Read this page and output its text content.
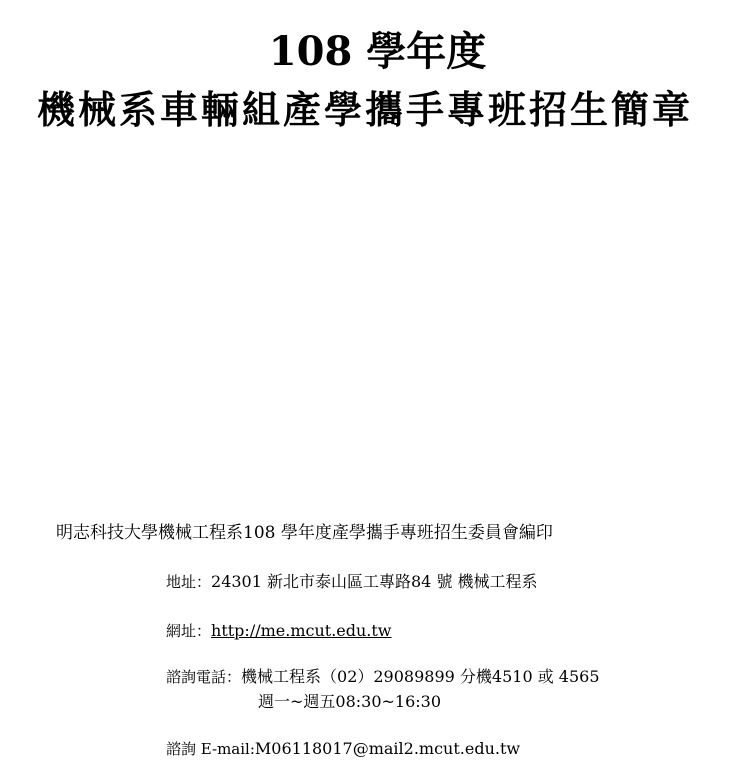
108 學年度
機械系車輛組產學攜手專班招生簡章
明志科技大學機械工程系108 學年度產學攜手專班招生委員會編印
地址：24301 新北市泰山區工專路84 號 機械工程系
網址：http://me.mcut.edu.tw
諮詢電話：機械工程系（02）29089899 分機4510 或 4565
週一~週五08:30~16:30
諮詢 E-mail:M06118017@mail2.mcut.edu.tw
